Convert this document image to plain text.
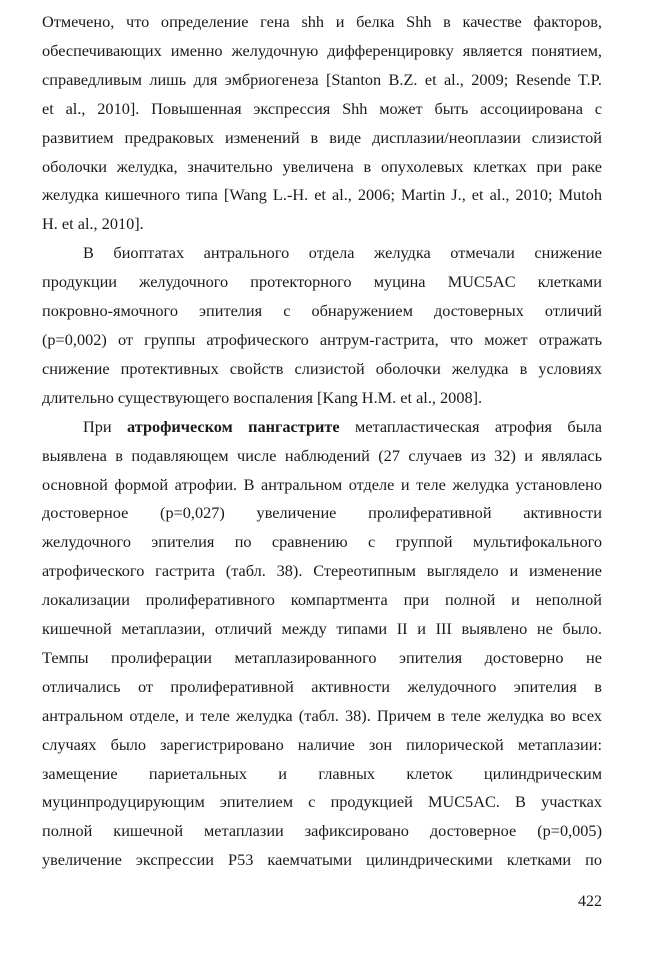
Отмечено, что определение гена shh и белка Shh в качестве факторов,
обеспечивающих именно желудочную дифференцировку является понятием,
справедливым лишь для эмбриогенеза [Stanton B.Z. et al., 2009; Resende T.P.
et al., 2010]. Повышенная экспрессия Shh может быть ассоциирована с
развитием предраковых изменений в виде дисплазии/неоплазии слизистой
оболочки желудка, значительно увеличена в опухолевых клетках при раке
желудка кишечного типа [Wang L.-H. et al., 2006; Martin J., et al., 2010; Mutoh
H. et al., 2010].

В биоптатах антрального отдела желудка отмечали снижение
продукции желудочного протекторного муцина MUC5AC клетками
покровно-ямочного эпителия с обнаружением достоверных отличий
(р=0,002) от группы атрофического антрум-гастрита, что может отражать
снижение протективных свойств слизистой оболочки желудка в условиях
длительно существующего воспаления [Kang H.M. et al., 2008].

При атрофическом пангастрите метапластическая атрофия была
выявлена в подавляющем числе наблюдений (27 случаев из 32) и являлась
основной формой атрофии. В антральном отделе и теле желудка установлено
достоверное (р=0,027) увеличение пролиферативной активности
желудочного эпителия по сравнению с группой мультифокального
атрофического гастрита (табл. 38). Стереотипным выглядело и изменение
локализации пролиферативного компартмента при полной и неполной
кишечной метаплазии, отличий между типами II и III выявлено не было.
Темпы пролиферации метаплазированного эпителия достоверно не
отличались от пролиферативной активности желудочного эпителия в
антральном отделе, и теле желудка (табл. 38). Причем в теле желудка во всех
случаях было зарегистрировано наличие зон пилорической метаплазии:
замещение париетальных и главных клеток цилиндрическим
муцинпродуцирующим эпителием с продукцией MUC5AC. В участках
полной кишечной метаплазии зафиксировано достоверное (р=0,005)
увеличение экспрессии P53 каемчатыми цилиндрическими клетками по

422
